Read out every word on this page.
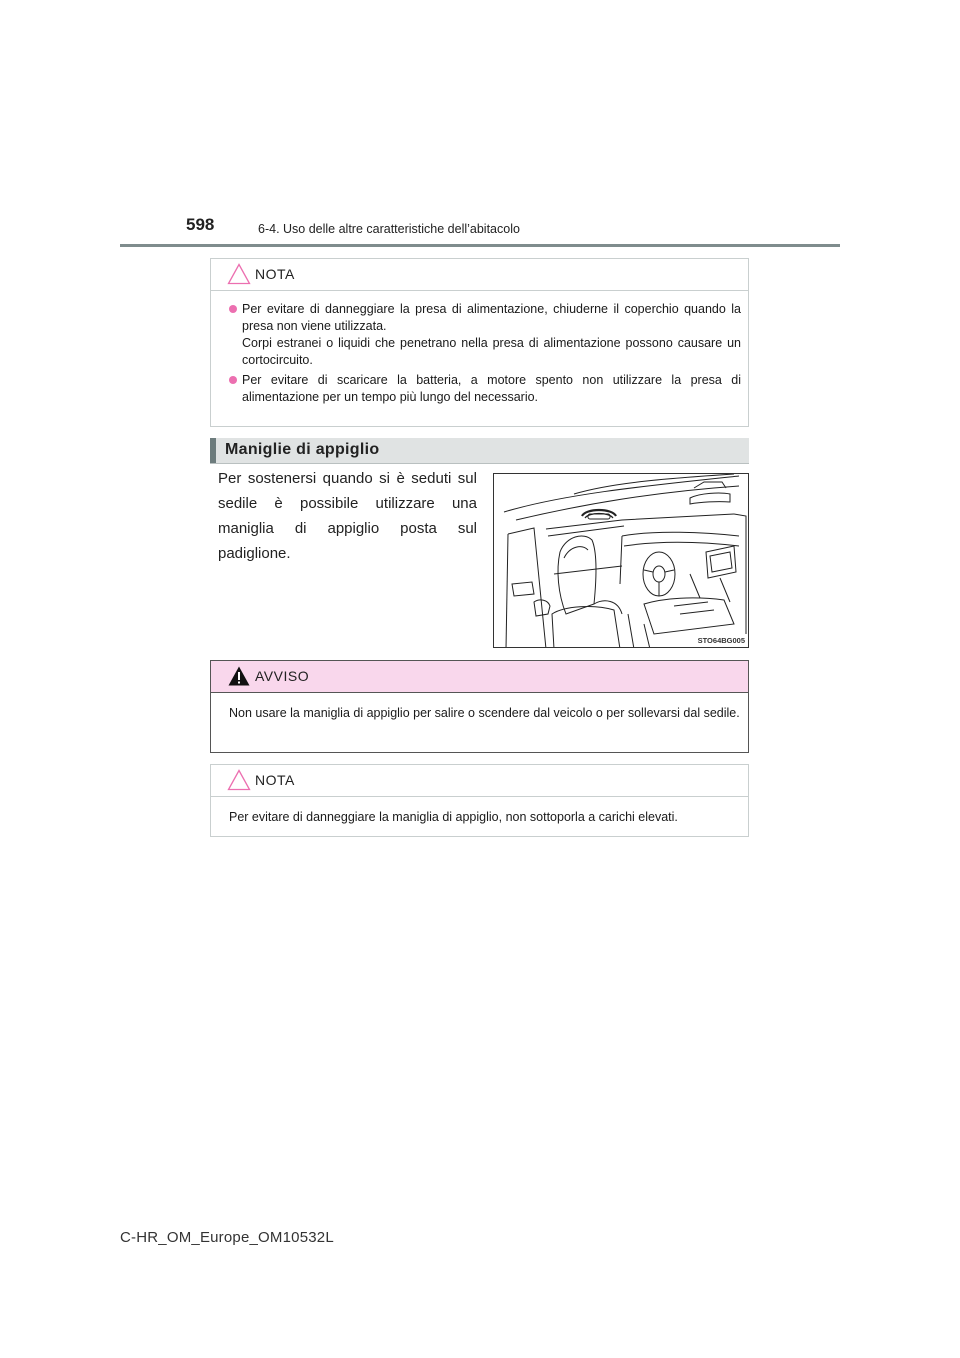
598	6-4. Uso delle altre caratteristiche dell’abitacolo
NOTA

Per evitare di danneggiare la presa di alimentazione, chiuderne il coperchio quando la presa non viene utilizzata.

Corpi estranei o liquidi che penetrano nella presa di alimentazione possono causare un cortocircuito.

Per evitare di scaricare la batteria, a motore spento non utilizzare la presa di alimentazione per un tempo più lungo del necessario.

Maniglie di appiglio
Per sostenersi quando si è seduti sul sedile è possibile utilizzare una maniglia di appiglio posta sul padiglione.
STO64BG005
AVVISO
Non usare la maniglia di appiglio per salire o scendere dal veicolo o per sollevarsi dal sedile.
NOTA
Per evitare di danneggiare la maniglia di appiglio, non sottoporla a carichi elevati.
C-HR_OM_Europe_OM10532L
